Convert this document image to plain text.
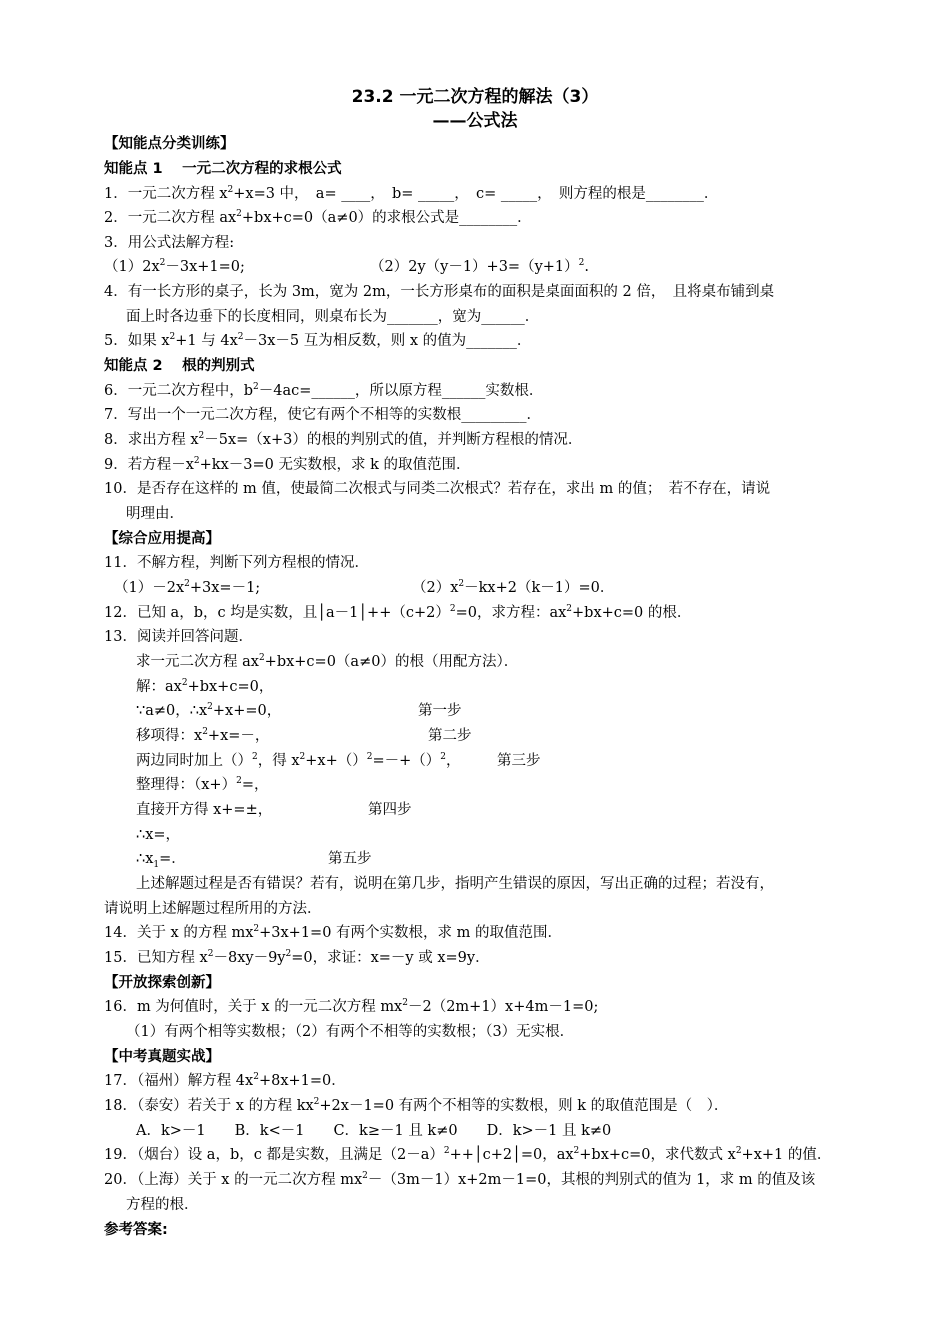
23.2 一元二次方程的解法（3）
——公式法
【知能点分类训练】
知能点 1　 一元二次方程的求根公式
1．一元二次方程 $x^2+x=3$ 中，　a= ____，　b= _____，　c= _____，　则方程的根是________．
2．一元二次方程 $ax^2+bx+c=0(a\ne 0)$的求根公式是________．
3．用公式法解方程:
$(1)2x^2-3x+1=0$;	$(2)2y(y-1)+3=(y+1)^2$.
4．有一长方形的桌子，长为 3m，宽为 2m，一长方形桌布的面积是桌面面积的 2 倍，　且将桌布铺到桌
面上时各边垂下的长度相同，则桌布长为_______，宽为______．
5．如果 $x^2+1$ 与 $4x^2-3x-5$ 互为相反数，则 x 的值为_______．
知能点 2　 根的判别式
6．一元二次方程中，$b^2-4ac=\_\_\_\_\_\_$，所以原方程______实数根．
7．写出一个一元二次方程，使它有两个不相等的实数根_________．
8．求出方程 $x^2-5x=(x+3)$的根的判别式的值，并判断方程根的情况．
9．若方程$-x^2+kx-3=0$ 无实数根，求 k 的取值范围．
10．是否存在这样的 m 值，使最简二次根式与同类二次根式？若存在，求出 m 的值；　若不存在，请说
明理由．
【综合应用提高】
11．不解方程，判断下列方程根的情况．
$(1)-2x^2+3x=-1$;	$(2)x^2-kx+2(k-1)=0$．
12．已知 a，b，c 均是实数，且$│a-1│++(c+2)^2=0$，求方程：$ax^2+bx+c=0$ 的根．
13．阅读并回答问题．
求一元二次方程 $ax^2+bx+c=0(a\ne 0)$的根（用配方法）．
解：$ax^2+bx+c=0$，
∵a≠0，$\therefore x^2+x+=0$，	第一步
移项得：$x^2+x=-$，	第二步
两边同时加上（）$^2$，得 $x^2+x+()^2=-+()^2$，	第三步
整理得：$(x+)^2=$，
直接开方得 x+=±，	第四步
∴x=，
$\therefore x_1=$．	第五步
上述解题过程是否有错误？若有，说明在第几步，指明产生错误的原因，写出正确的过程；若没有，
请说明上述解题过程所用的方法．
14．关于 x 的方程 $mx^2+3x+1=0$ 有两个实数根，求 m 的取值范围．
15．已知方程 $x^2-8xy-9y^2=0$，求证：x=－y 或 x=9y．
【开放探索创新】
16．m 为何值时，关于 x 的一元二次方程 $mx^2-2(2m+1)x+4m-1=0$;
（1）有两个相等实数根；（2）有两个不相等的实数根；（3）无实根．
【中考真题实战】
17．（福州）解方程 $4x^2+8x+1=0$．
18．（泰安）若关于 x 的方程 $kx^2+2x-1=0$ 有两个不相等的实数根，则 k 的取值范围是（　）．
A．k>－1　　B．k<－1　　C．k≥－1 且 k≠0　　D．k>－1 且 k≠0
19．（烟台）设 a，b，c 都是实数，且满足$(2-a)^2++│c+2│=0$，$ax^2+bx+c=0$，求代数式 $x^2+x+1$ 的值．
20．（上海）关于 x 的一元二次方程 $mx^2-(3m-1)x+2m-1=0$，其根的判别式的值为 1，求 m 的值及该
方程的根．
参考答案:
